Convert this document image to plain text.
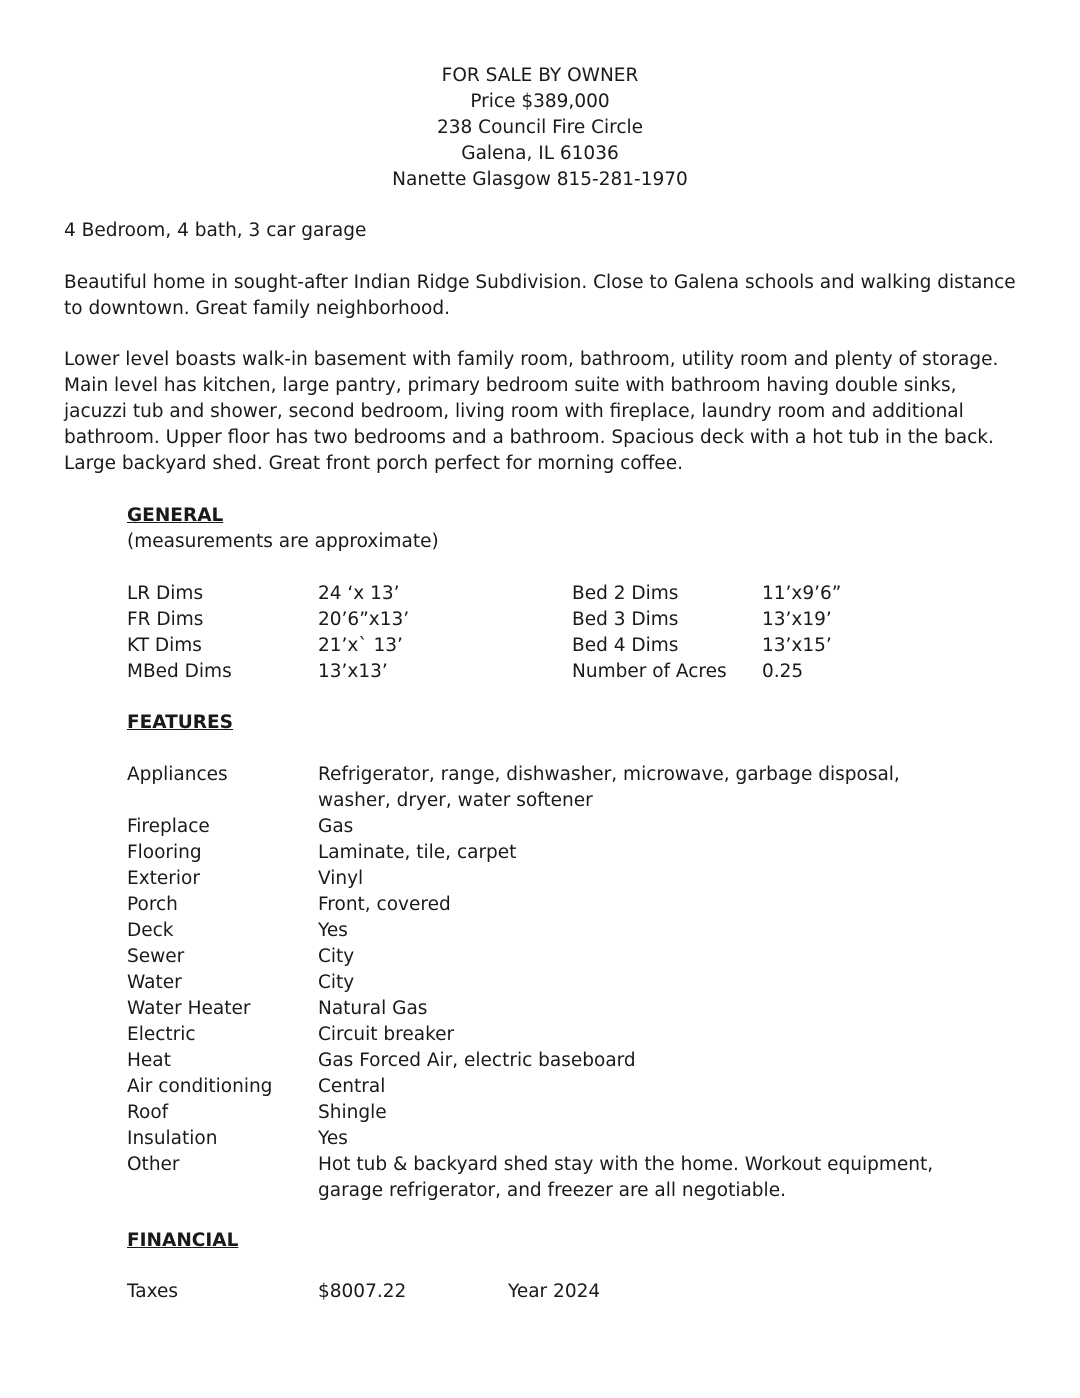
FOR SALE BY OWNER
Price $389,000
238 Council Fire Circle
Galena, IL 61036
Nanette Glasgow 815-281-1970
4 Bedroom, 4 bath, 3 car garage
Beautiful home in sought-after Indian Ridge Subdivision. Close to Galena schools and walking distance to downtown. Great family neighborhood.
Lower level boasts walk-in basement with family room, bathroom, utility room and plenty of storage. Main level has kitchen, large pantry, primary bedroom suite with bathroom having double sinks, jacuzzi tub and shower, second bedroom, living room with fireplace, laundry room and additional bathroom. Upper floor has two bedrooms and a bathroom. Spacious deck with a hot tub in the back. Large backyard shed. Great front porch perfect for morning coffee.
GENERAL
(measurements are approximate)
LR Dims	24 ‘x 13’	Bed 2 Dims	11’x9’6”
FR Dims	20’6”x13’	Bed 3 Dims	13’x19’
KT Dims	21’x` 13’	Bed 4 Dims	13’x15’
MBed Dims	13’x13’	Number of Acres 0.25
FEATURES
Appliances	Refrigerator, range, dishwasher, microwave, garbage disposal, washer, dryer, water softener
Fireplace	Gas
Flooring	Laminate, tile, carpet
Exterior	Vinyl
Porch	Front, covered
Deck	Yes
Sewer	City
Water	City
Water Heater	Natural Gas
Electric	Circuit breaker
Heat	Gas Forced Air, electric baseboard
Air conditioning	Central
Roof	Shingle
Insulation	Yes
Other	Hot tub & backyard shed stay with the home. Workout equipment, garage refrigerator, and freezer are all negotiable.
FINANCIAL
Taxes	$8007.22	Year 2024
